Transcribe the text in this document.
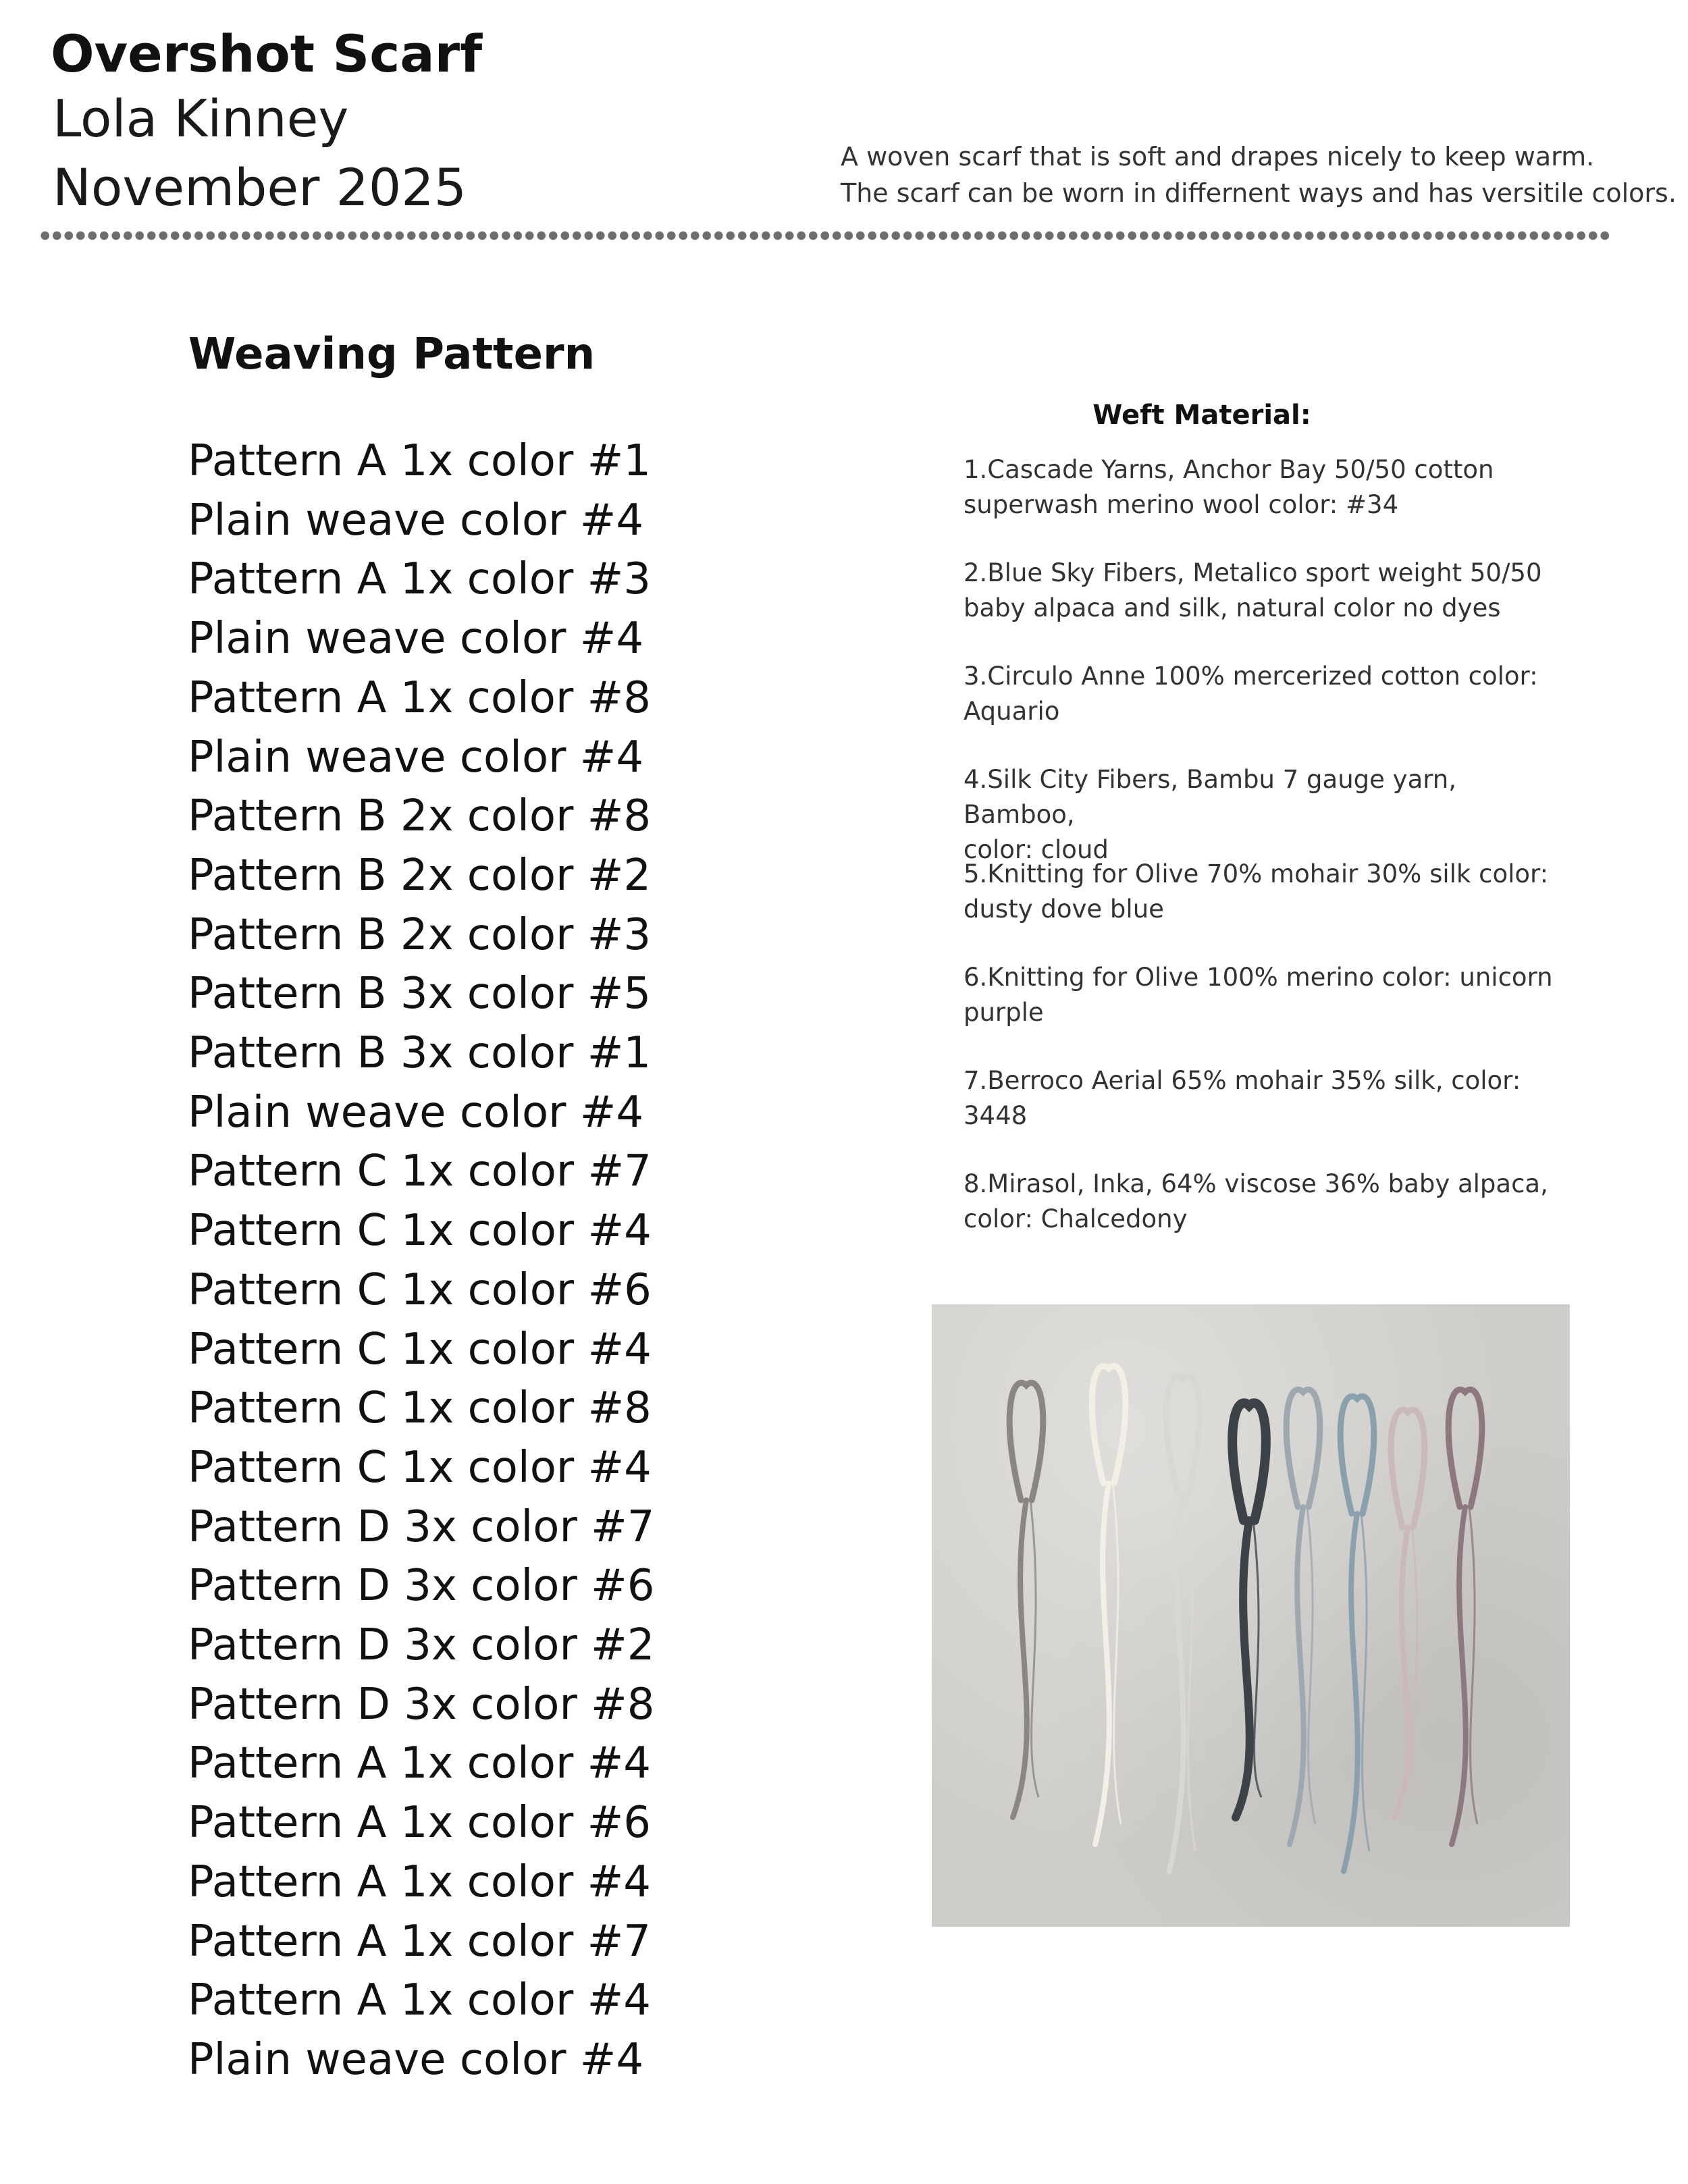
Overshot Scarf
Lola Kinney
November 2025
A woven scarf that is soft and drapes nicely to keep warm.
The scarf can be worn in differnent ways and has versitile colors.
Weaving Pattern
Pattern A 1x color #1
Plain weave color #4
Pattern A 1x color #3
Plain weave color #4
Pattern A 1x color #8
Plain weave color #4
Pattern B 2x color #8
Pattern B 2x color #2
Pattern B 2x color #3
Pattern B 3x color #5
Pattern B 3x color #1
Plain weave color #4
Pattern C 1x color #7
Pattern C 1x color #4
Pattern C 1x color #6
Pattern C 1x color #4
Pattern C 1x color #8
Pattern C 1x color #4
Pattern D 3x color #7
Pattern D 3x color #6
Pattern D 3x color #2
Pattern D 3x color #8
Pattern A 1x color #4
Pattern A 1x color #6
Pattern A 1x color #4
Pattern A 1x color #7
Pattern A 1x color #4
Plain weave color #4
Weft Material:
1.Cascade Yarns, Anchor Bay 50/50 cotton
superwash merino wool color: #34
2.Blue Sky Fibers, Metalico sport weight 50/50
baby alpaca and silk, natural color no dyes
3.Circulo Anne 100% mercerized cotton color:
Aquario
4.Silk City Fibers, Bambu 7 gauge yarn, Bamboo,
color: cloud
5.Knitting for Olive 70% mohair 30% silk color:
dusty dove blue
6.Knitting for Olive 100% merino color: unicorn
purple
7.Berroco Aerial 65% mohair 35% silk, color: 3448
8.Mirasol, Inka, 64% viscose 36% baby alpaca,
color: Chalcedony
